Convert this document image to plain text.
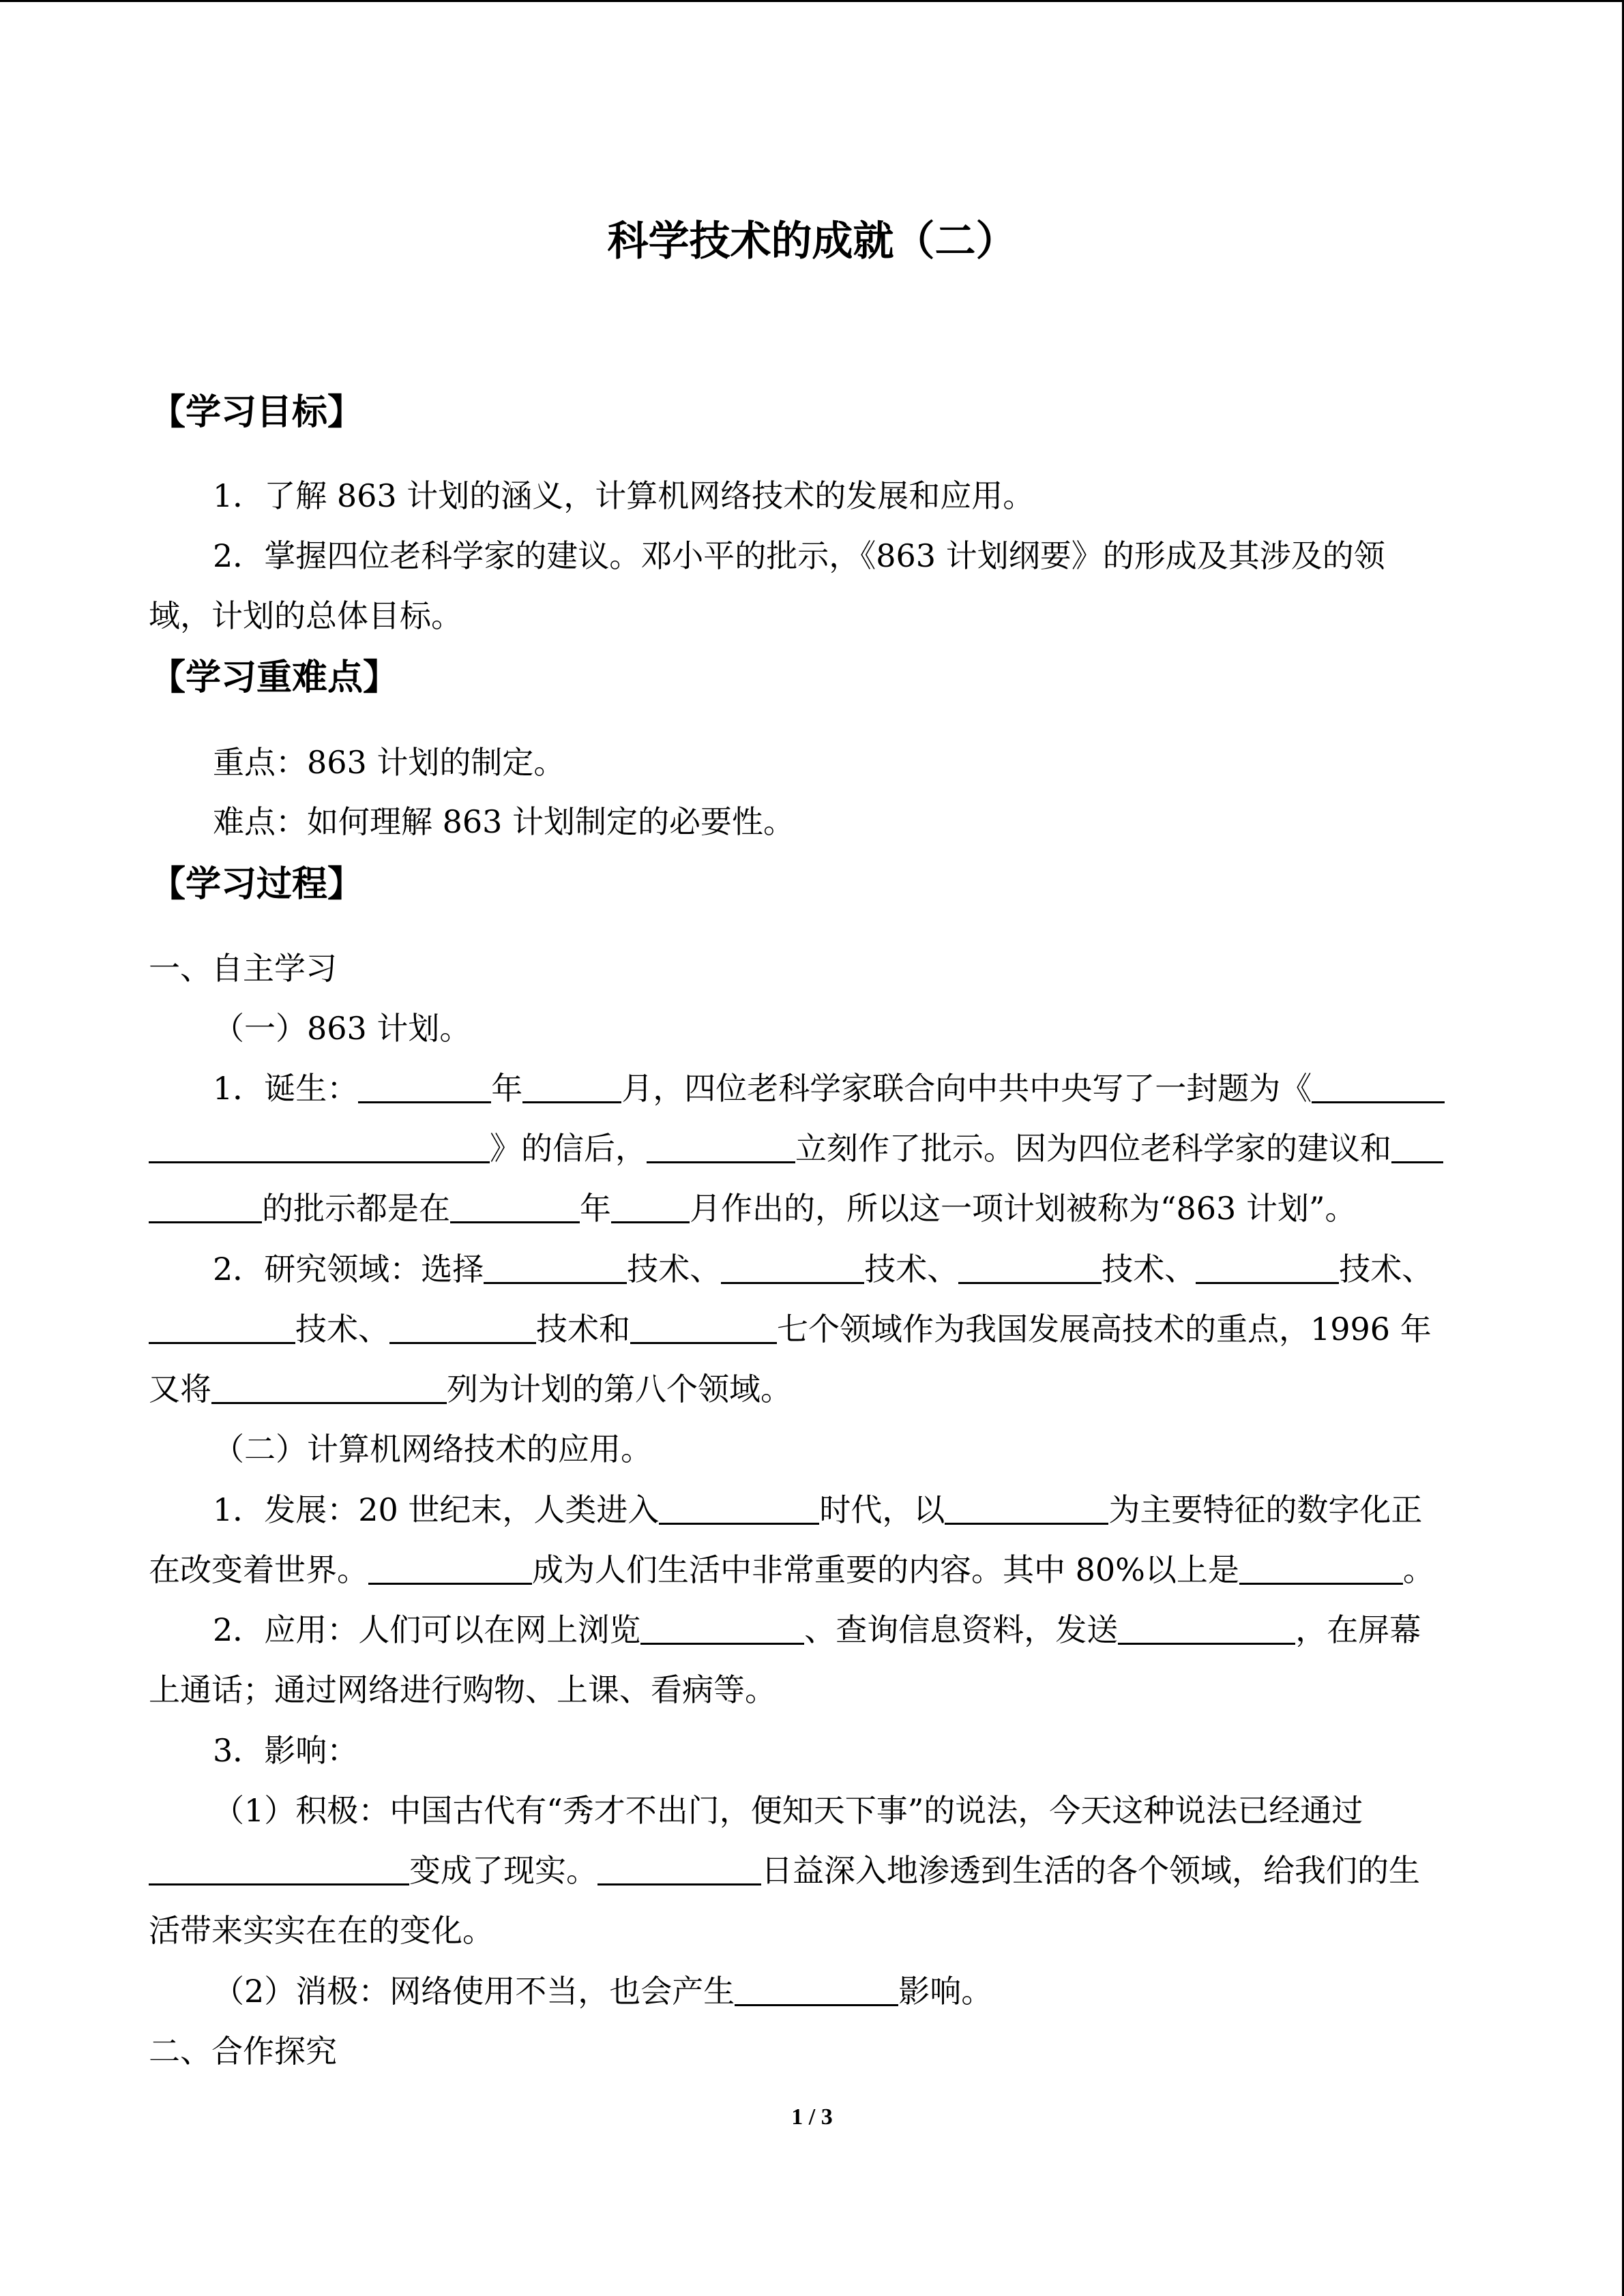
科学技术的成就（二）
【学习目标】
1．了解 863 计划的涵义，计算机网络技术的发展和应用。
2．掌握四位老科学家的建议。邓小平的批示，《863 计划纲要》的形成及其涉及的领
域，计划的总体目标。
【学习重难点】
重点：863 计划的制定。
难点：如何理解 863 计划制定的必要性。
【学习过程】
一、自主学习
（一）863 计划。
1．诞生：	年	月，四位老科学家联合向中共中央写了一封题为《
》的信后，	立刻作了批示。因为四位老科学家的建议和
的批示都是在	年	月作出的，所以这一项计划被称为“863 计划”。
2．研究领域：选择	技术、	技术、	技术、	技术、
技术、	技术和	七个领域作为我国发展高技术的重点，1996 年
又将	列为计划的第八个领域。
（二）计算机网络技术的应用。
1．发展：20 世纪末，人类进入	时代，以	为主要特征的数字化正
在改变着世界。	成为人们生活中非常重要的内容。其中 80%以上是	。
2．应用：人们可以在网上浏览	、查询信息资料，发送	，在屏幕
上通话；通过网络进行购物、上课、看病等。
3．影响：
（1）积极：中国古代有“秀才不出门，便知天下事”的说法，今天这种说法已经通过
变成了现实。	日益深入地渗透到生活的各个领域，给我们的生
活带来实实在在的变化。
（2）消极：网络使用不当，也会产生	影响。
二、合作探究
1 / 3
